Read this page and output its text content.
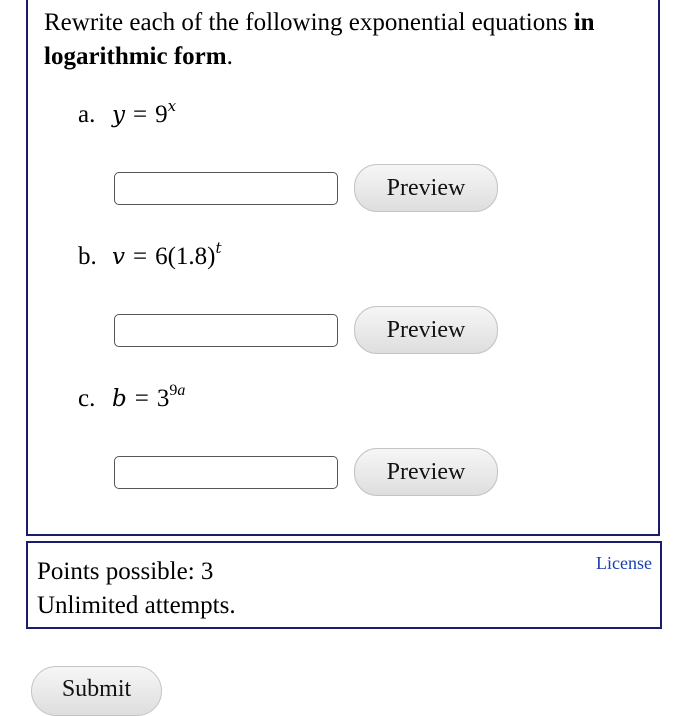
Rewrite each of the following exponential equations in logarithmic form.
a. $y = 9^x$
Preview
b. $v = 6(1.8)^t$
Preview
c. $b = 3^{9a}$
Preview
Points possible: 3
Unlimited attempts.
License
Submit
